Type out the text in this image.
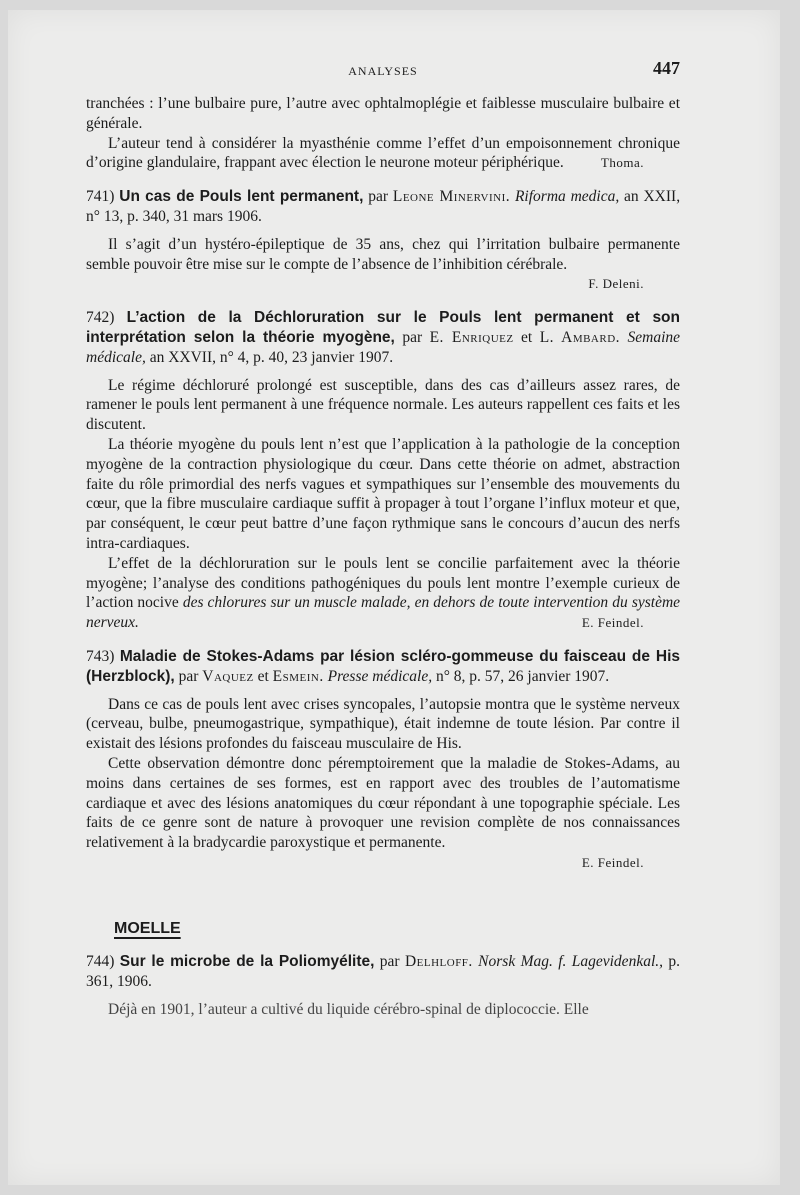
ANALYSES	447

tranchées : l’une bulbaire pure, l’autre avec ophtalmoplégie et faiblesse musculaire bulbaire et générale.

L’auteur tend à considérer la myasthénie comme l’effet d’un empoisonnement chronique d’origine glandulaire, frappant avec élection le neurone moteur périphérique.	Thoma.

741) Un cas de Pouls lent permanent, par Leone Minervini. Riforma medica, an XXII, n° 13, p. 340, 31 mars 1906.

Il s’agit d’un hystéro-épileptique de 35 ans, chez qui l’irritation bulbaire permanente semble pouvoir être mise sur le compte de l’absence de l’inhibition cérébrale.

F. Deleni.

742) L’action de la Déchloruration sur le Pouls lent permanent et son interprétation selon la théorie myogène, par E. Enriquez et L. Ambard. Semaine médicale, an XXVII, n° 4, p. 40, 23 janvier 1907.

Le régime déchloruré prolongé est susceptible, dans des cas d’ailleurs assez rares, de ramener le pouls lent permanent à une fréquence normale. Les auteurs rappellent ces faits et les discutent.

La théorie myogène du pouls lent n’est que l’application à la pathologie de la conception myogène de la contraction physiologique du cœur. Dans cette théorie on admet, abstraction faite du rôle primordial des nerfs vagues et sympathiques sur l’ensemble des mouvements du cœur, que la fibre musculaire cardiaque suffit à propager à tout l’organe l’influx moteur et que, par conséquent, le cœur peut battre d’une façon rythmique sans le concours d’aucun des nerfs intra-cardiaques.

L’effet de la déchloruration sur le pouls lent se concilie parfaitement avec la théorie myogène; l’analyse des conditions pathogéniques du pouls lent montre l’exemple curieux de l’action nocive des chlorures sur un muscle malade, en dehors de toute intervention du système nerveux.	E. Feindel.

743) Maladie de Stokes-Adams par lésion scléro-gommeuse du faisceau de His (Herzblock), par Vaquez et Esmein. Presse médicale, n° 8, p. 57, 26 janvier 1907.

Dans ce cas de pouls lent avec crises syncopales, l’autopsie montra que le système nerveux (cerveau, bulbe, pneumogastrique, sympathique), était indemne de toute lésion. Par contre il existait des lésions profondes du faisceau musculaire de His.

Cette observation démontre donc péremptoirement que la maladie de Stokes-Adams, au moins dans certaines de ses formes, est en rapport avec des troubles de l’automatisme cardiaque et avec des lésions anatomiques du cœur répondant à une topographie spéciale. Les faits de ce genre sont de nature à provoquer une revision complète de nos connaissances relativement à la bradycardie paroxystique et permanente.

E. Feindel.

MOELLE

744) Sur le microbe de la Poliomyélite, par Delhloff. Norsk Mag. f. Lagevidenkal., p. 361, 1906.

Déjà en 1901, l’auteur a cultivé du liquide cérébro-spinal de diplococcie. Elle
